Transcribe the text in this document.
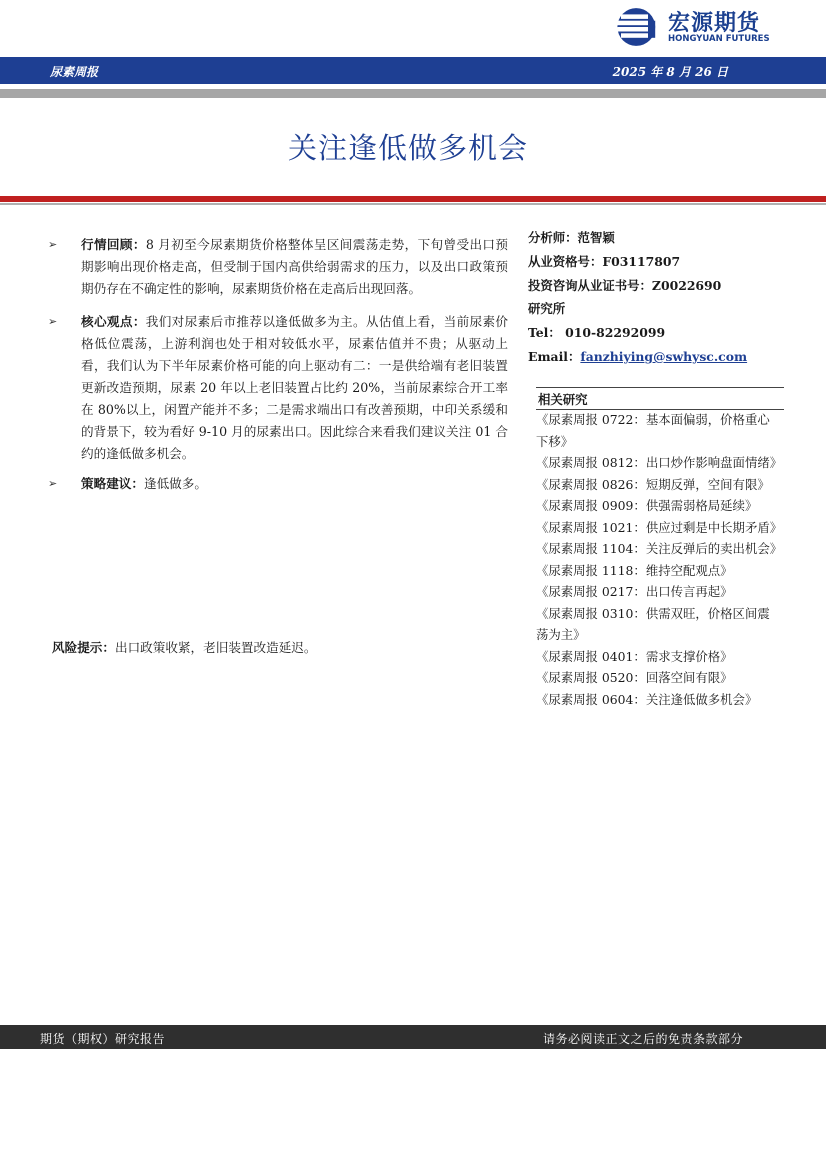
宏源期货
HONGYUAN FUTURES
尿素周报	2025 年 8 月 26 日
关注逢低做多机会
➢ 行情回顾：8 月初至今尿素期货价格整体呈区间震荡走势，下旬曾受出口预期影响出现价格走高，但受制于国内高供给弱需求的压力，以及出口政策预期仍存在不确定性的影响，尿素期货价格在走高后出现回落。
➢ 核心观点：我们对尿素后市推荐以逢低做多为主。从估值上看，当前尿素价格低位震荡，上游利润也处于相对较低水平，尿素估值并不贵；从驱动上看，我们认为下半年尿素价格可能的向上驱动有二：一是供给端有老旧装置更新改造预期，尿素 20 年以上老旧装置占比约 20%，当前尿素综合开工率在 80%以上，闲置产能并不多；二是需求端出口有改善预期，中印关系缓和的背景下，较为看好 9-10 月的尿素出口。因此综合来看我们建议关注 01 合约的逢低做多机会。
➢ 策略建议：逢低做多。
风险提示：出口政策收紧，老旧装置改造延迟。
分析师：范智颖
从业资格号：F03117807
投资咨询从业证书号：Z0022690
研究所
Tel： 010-82292099
Email：fanzhiying@swhysc.com
相关研究
《尿素周报 0722：基本面偏弱，价格重心下移》
《尿素周报 0812：出口炒作影响盘面情绪》
《尿素周报 0826：短期反弹，空间有限》
《尿素周报 0909：供强需弱格局延续》
《尿素周报 1021：供应过剩是中长期矛盾》
《尿素周报 1104：关注反弹后的卖出机会》
《尿素周报 1118：维持空配观点》
《尿素周报 0217：出口传言再起》
《尿素周报 0310：供需双旺，价格区间震荡为主》
《尿素周报 0401：需求支撑价格》
《尿素周报 0520：回落空间有限》
《尿素周报 0604：关注逢低做多机会》
期货（期权）研究报告	请务必阅读正文之后的免责条款部分
